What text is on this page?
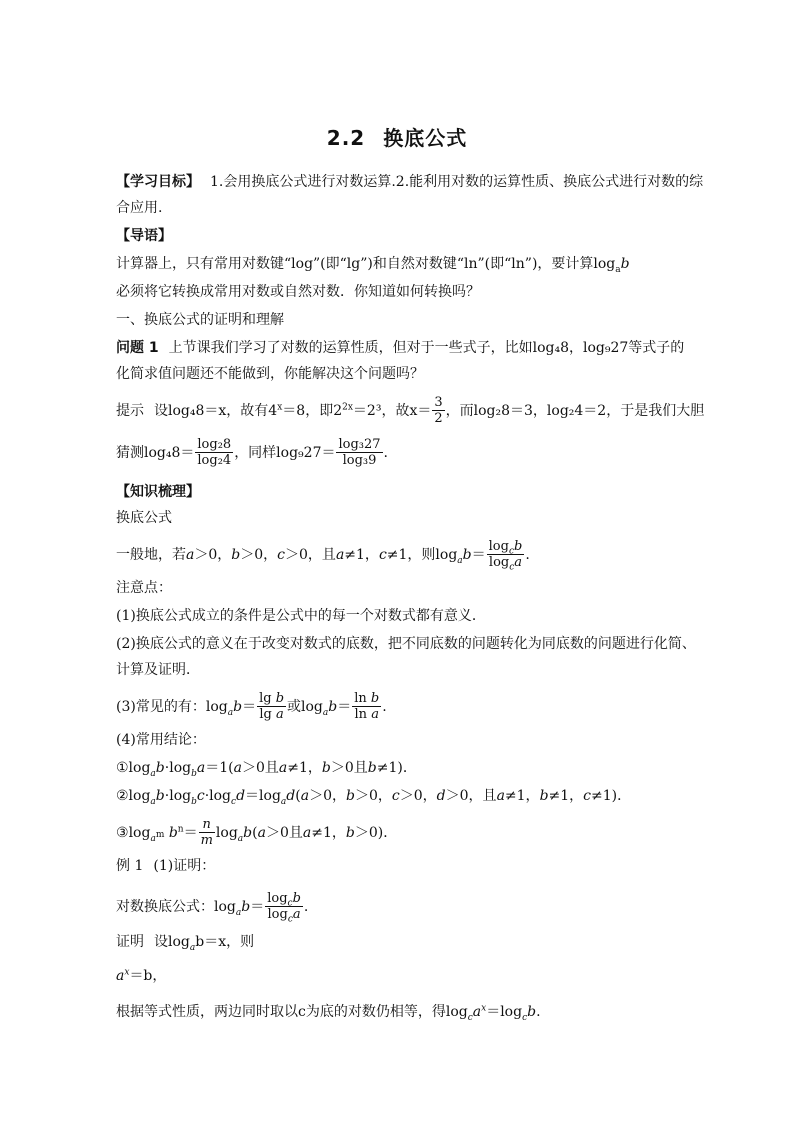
2.2 换底公式
【学习目标】 1.会用换底公式进行对数运算.2.能利用对数的运算性质、换底公式进行对数的综
合应用.
【导语】
计算器上，只有常用对数键“log”(即“lg”)和自然对数键“ln”(即“ln”)，要计算$\log_ab$
必须将它转换成常用对数或自然对数．你知道如何转换吗？
一、换底公式的证明和理解
问题 1 上节课我们学习了对数的运算性质，但对于一些式子，比如log₄8，log₉27等式子的
化简求值问题还不能做到，你能解决这个问题吗？
提示 设log₄8＝x，故有$4^x=8$，即$2^{2x}=2^3$，故$x= \frac{3}{2}$ ，而log₂8＝3，log₂4＝2，于是我们大胆
猜测$\log_48= \frac{\text{log₂8}}{\text{log₂4}}$ ，同样$\log_927= \frac{\text{log₃27}}{\text{log₃9}}$ .
【知识梳理】
换底公式
一般地，若a＞0，b＞0，c＞0，且a≠1，c≠1，则$\log_ab= \frac{\log_cb}{\log_ca}$ .
注意点：
(1)换底公式成立的条件是公式中的每一个对数式都有意义．
(2)换底公式的意义在于改变对数式的底数，把不同底数的问题转化为同底数的问题进行化简、
计算及证明．
(3)常见的有：$\log_ab= \frac{\text{lg b}}{\text{lg a}}$ 或$\log_ab= \frac{\text{ln b}}{\text{ln a}}$ .
(4)常用结论：
$①\log_ab\cdot\log_ba=1(a>0$且a≠1，b＞0且b≠1)．
$②\log_ab\cdot\log_bc\cdot\log_cd=\log_ad(a>0$，b＞0，c＞0，d＞0，且a≠1，b≠1，c≠1)．
$③\log_{a^m}$ $b^n= \frac{n}{m} \log_ab(a>0$且a≠1，b＞0)．
例 1 (1)证明：
对数换底公式：$\log_ab= \frac{\log_cb}{\log_ca}$ .
证明 设$\log_ab=x$，则
$a^x=b$，
根据等式性质，两边同时取以c为底的对数仍相等，得$\log_ca^x=\log_cb$.
